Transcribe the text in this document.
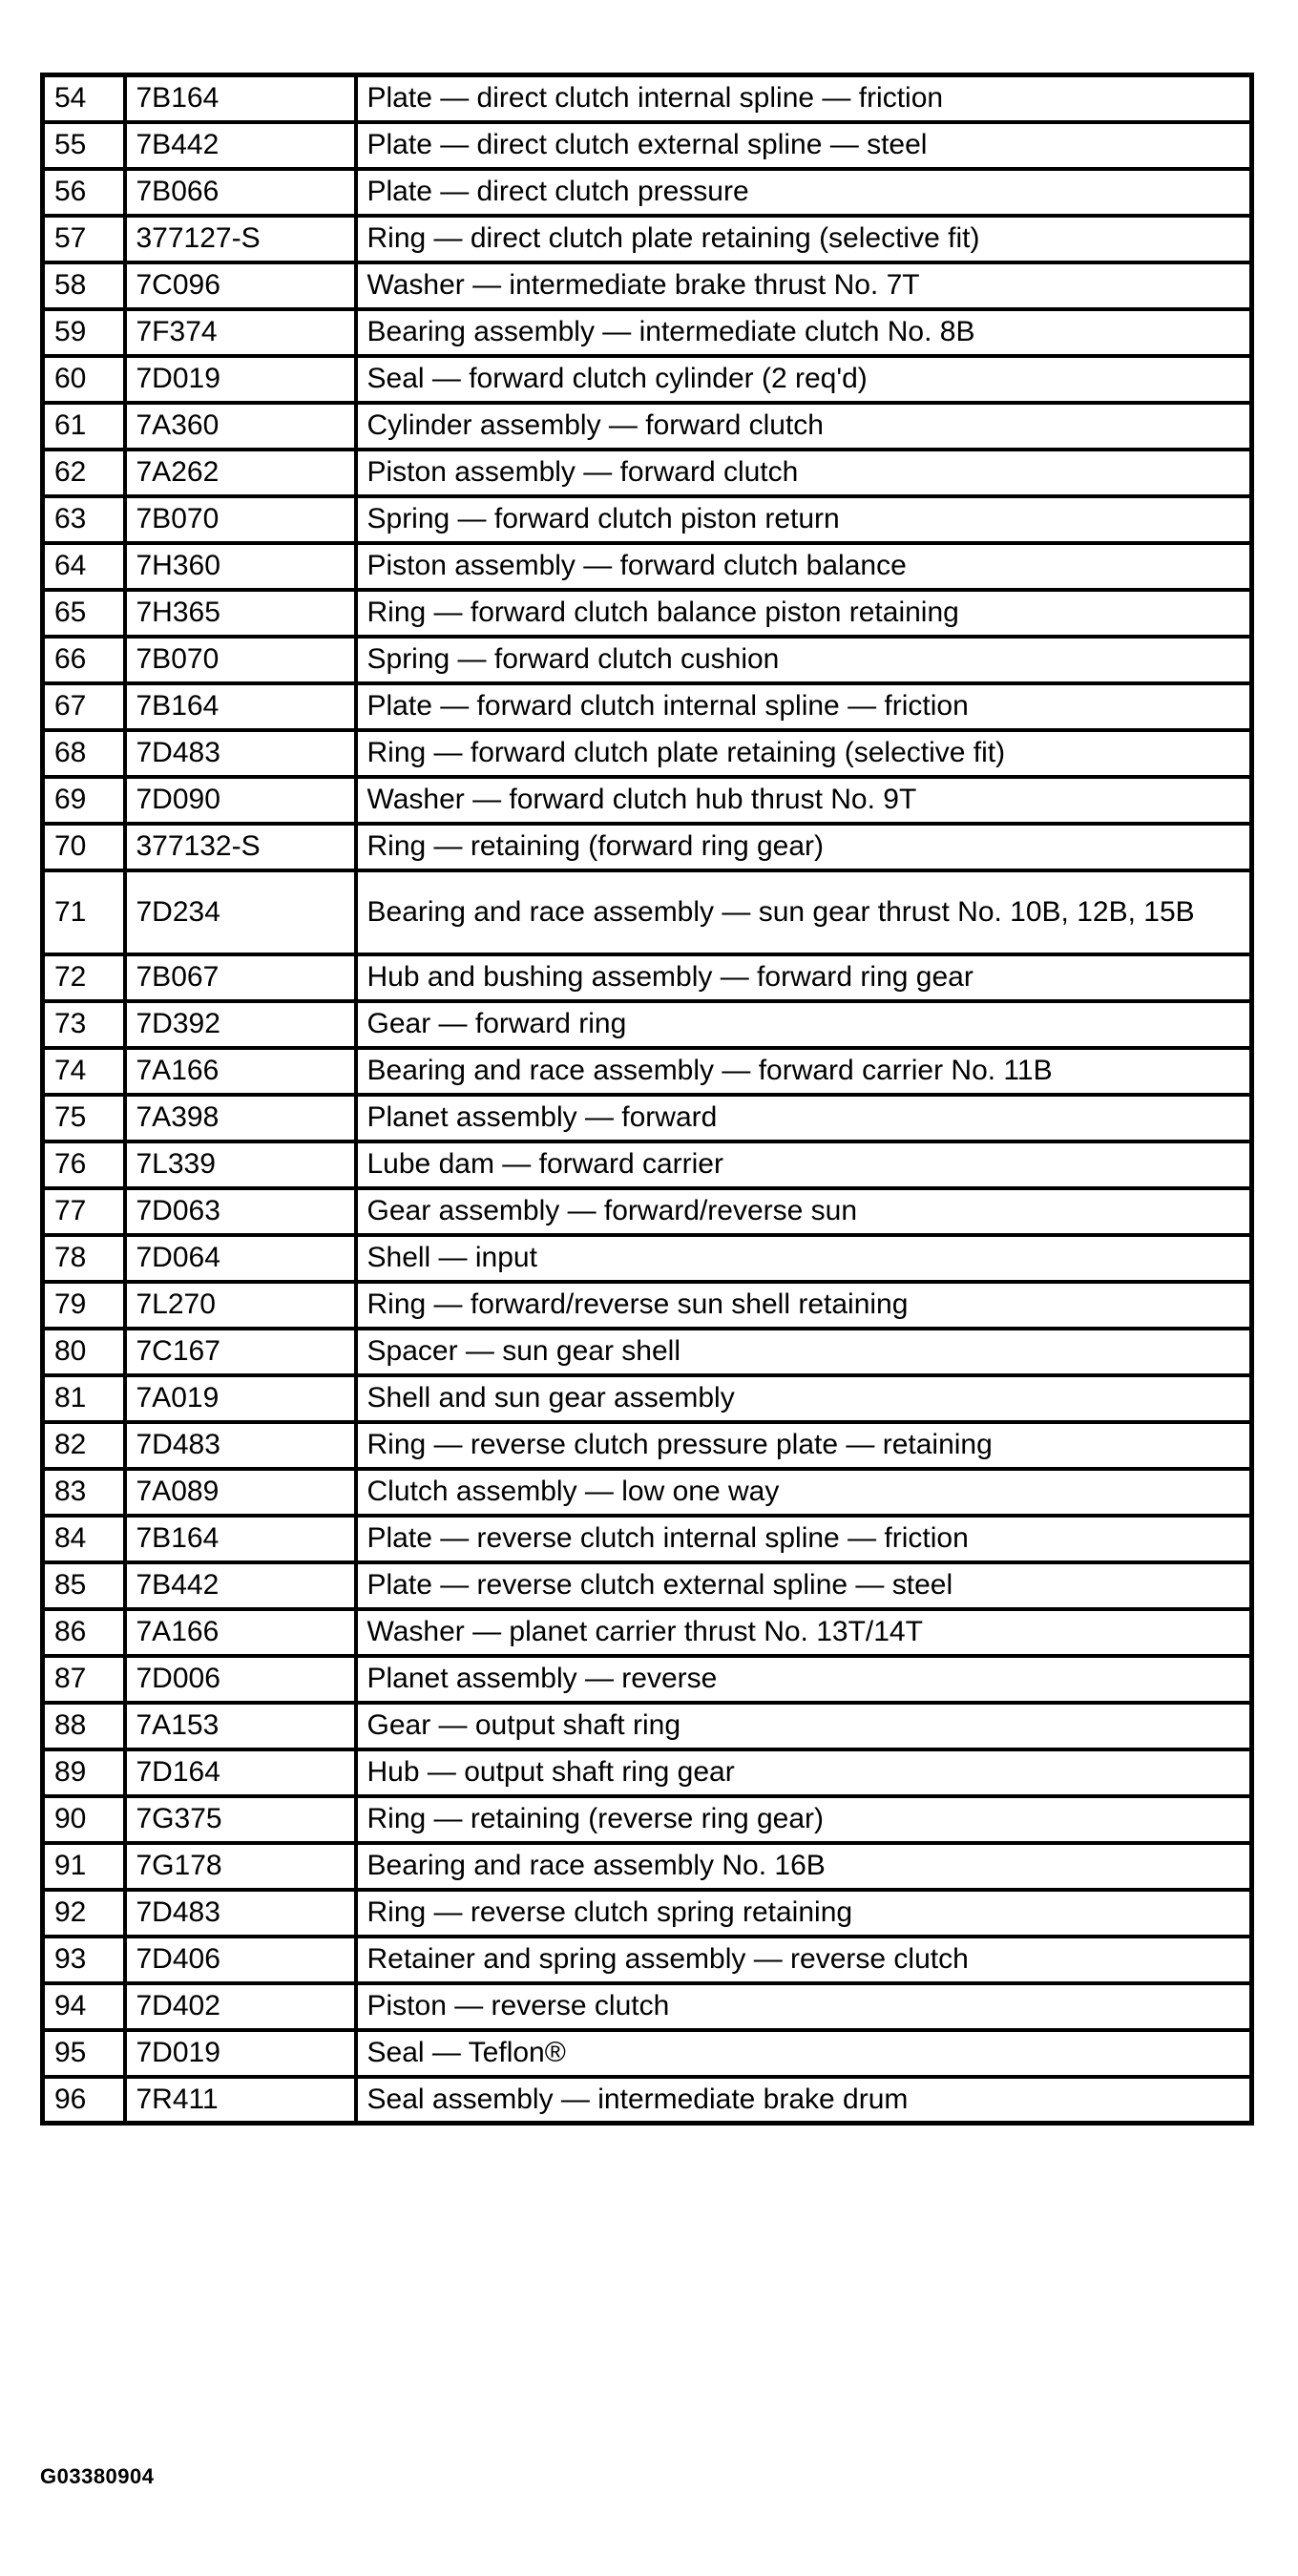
54	7B164	Plate — direct clutch internal spline — friction
55	7B442	Plate — direct clutch external spline — steel
56	7B066	Plate — direct clutch pressure
57	377127-S	Ring — direct clutch plate retaining (selective fit)
58	7C096	Washer — intermediate brake thrust No. 7T
59	7F374	Bearing assembly — intermediate clutch No. 8B
60	7D019	Seal — forward clutch cylinder (2 req'd)
61	7A360	Cylinder assembly — forward clutch
62	7A262	Piston assembly — forward clutch
63	7B070	Spring — forward clutch piston return
64	7H360	Piston assembly — forward clutch balance
65	7H365	Ring — forward clutch balance piston retaining
66	7B070	Spring — forward clutch cushion
67	7B164	Plate — forward clutch internal spline — friction
68	7D483	Ring — forward clutch plate retaining (selective fit)
69	7D090	Washer — forward clutch hub thrust No. 9T
70	377132-S	Ring — retaining (forward ring gear)
71	7D234	Bearing and race assembly — sun gear thrust No. 10B, 12B, 15B
72	7B067	Hub and bushing assembly — forward ring gear
73	7D392	Gear — forward ring
74	7A166	Bearing and race assembly — forward carrier No. 11B
75	7A398	Planet assembly — forward
76	7L339	Lube dam — forward carrier
77	7D063	Gear assembly — forward/reverse sun
78	7D064	Shell — input
79	7L270	Ring — forward/reverse sun shell retaining
80	7C167	Spacer — sun gear shell
81	7A019	Shell and sun gear assembly
82	7D483	Ring — reverse clutch pressure plate — retaining
83	7A089	Clutch assembly — low one way
84	7B164	Plate — reverse clutch internal spline — friction
85	7B442	Plate — reverse clutch external spline — steel
86	7A166	Washer — planet carrier thrust No. 13T/14T
87	7D006	Planet assembly — reverse
88	7A153	Gear — output shaft ring
89	7D164	Hub — output shaft ring gear
90	7G375	Ring — retaining (reverse ring gear)
91	7G178	Bearing and race assembly No. 16B
92	7D483	Ring — reverse clutch spring retaining
93	7D406	Retainer and spring assembly — reverse clutch
94	7D402	Piston — reverse clutch
95	7D019	Seal — Teflon®
96	7R411	Seal assembly — intermediate brake drum
G03380904
